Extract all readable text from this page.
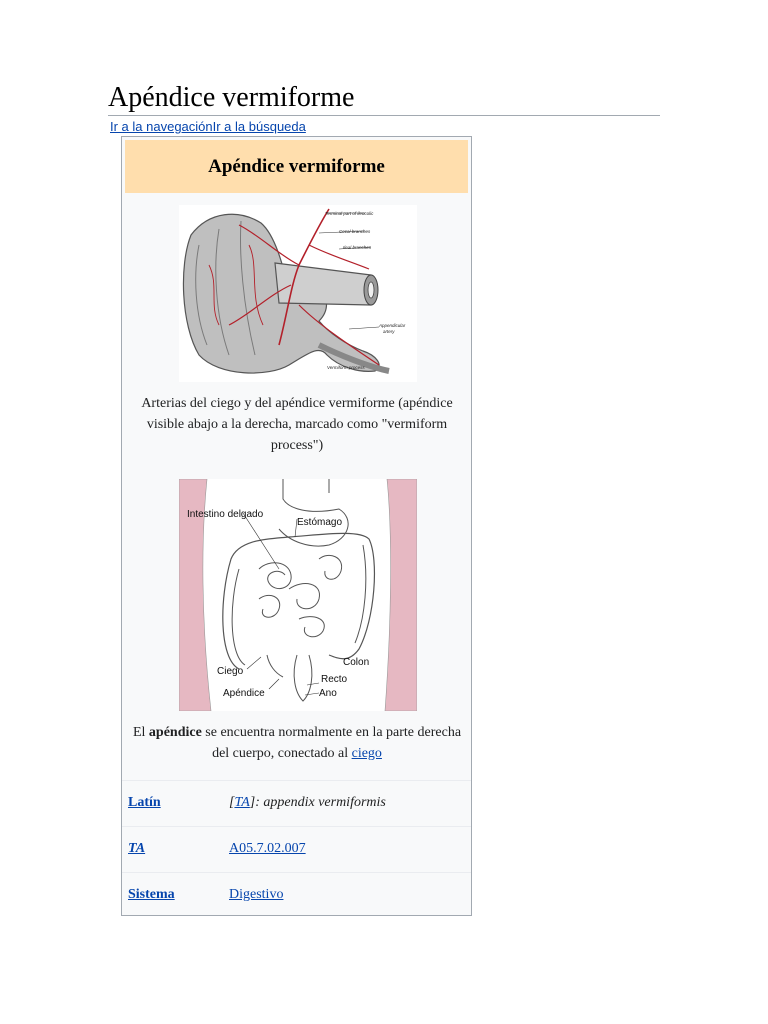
Apéndice vermiforme
Ir a la navegaciónIr a la búsqueda
Apéndice vermiforme
Terminal part of ileocolic
Cecal branches
Ileal branches
Appendicular
artery
Vermiform process
Arterias del ciego y del apéndice vermiforme (apéndice visible abajo a la derecha, marcado como "vermiform process")
Intestino delgado
Estómago
Colon
Ciego
Recto
Apéndice	Ano
El apéndice se encuentra normalmente en la parte derecha del cuerpo, conectado al ciego
Latín	[TA]: appendix vermiformis
TA	A05.7.02.007
Sistema	Digestivo
